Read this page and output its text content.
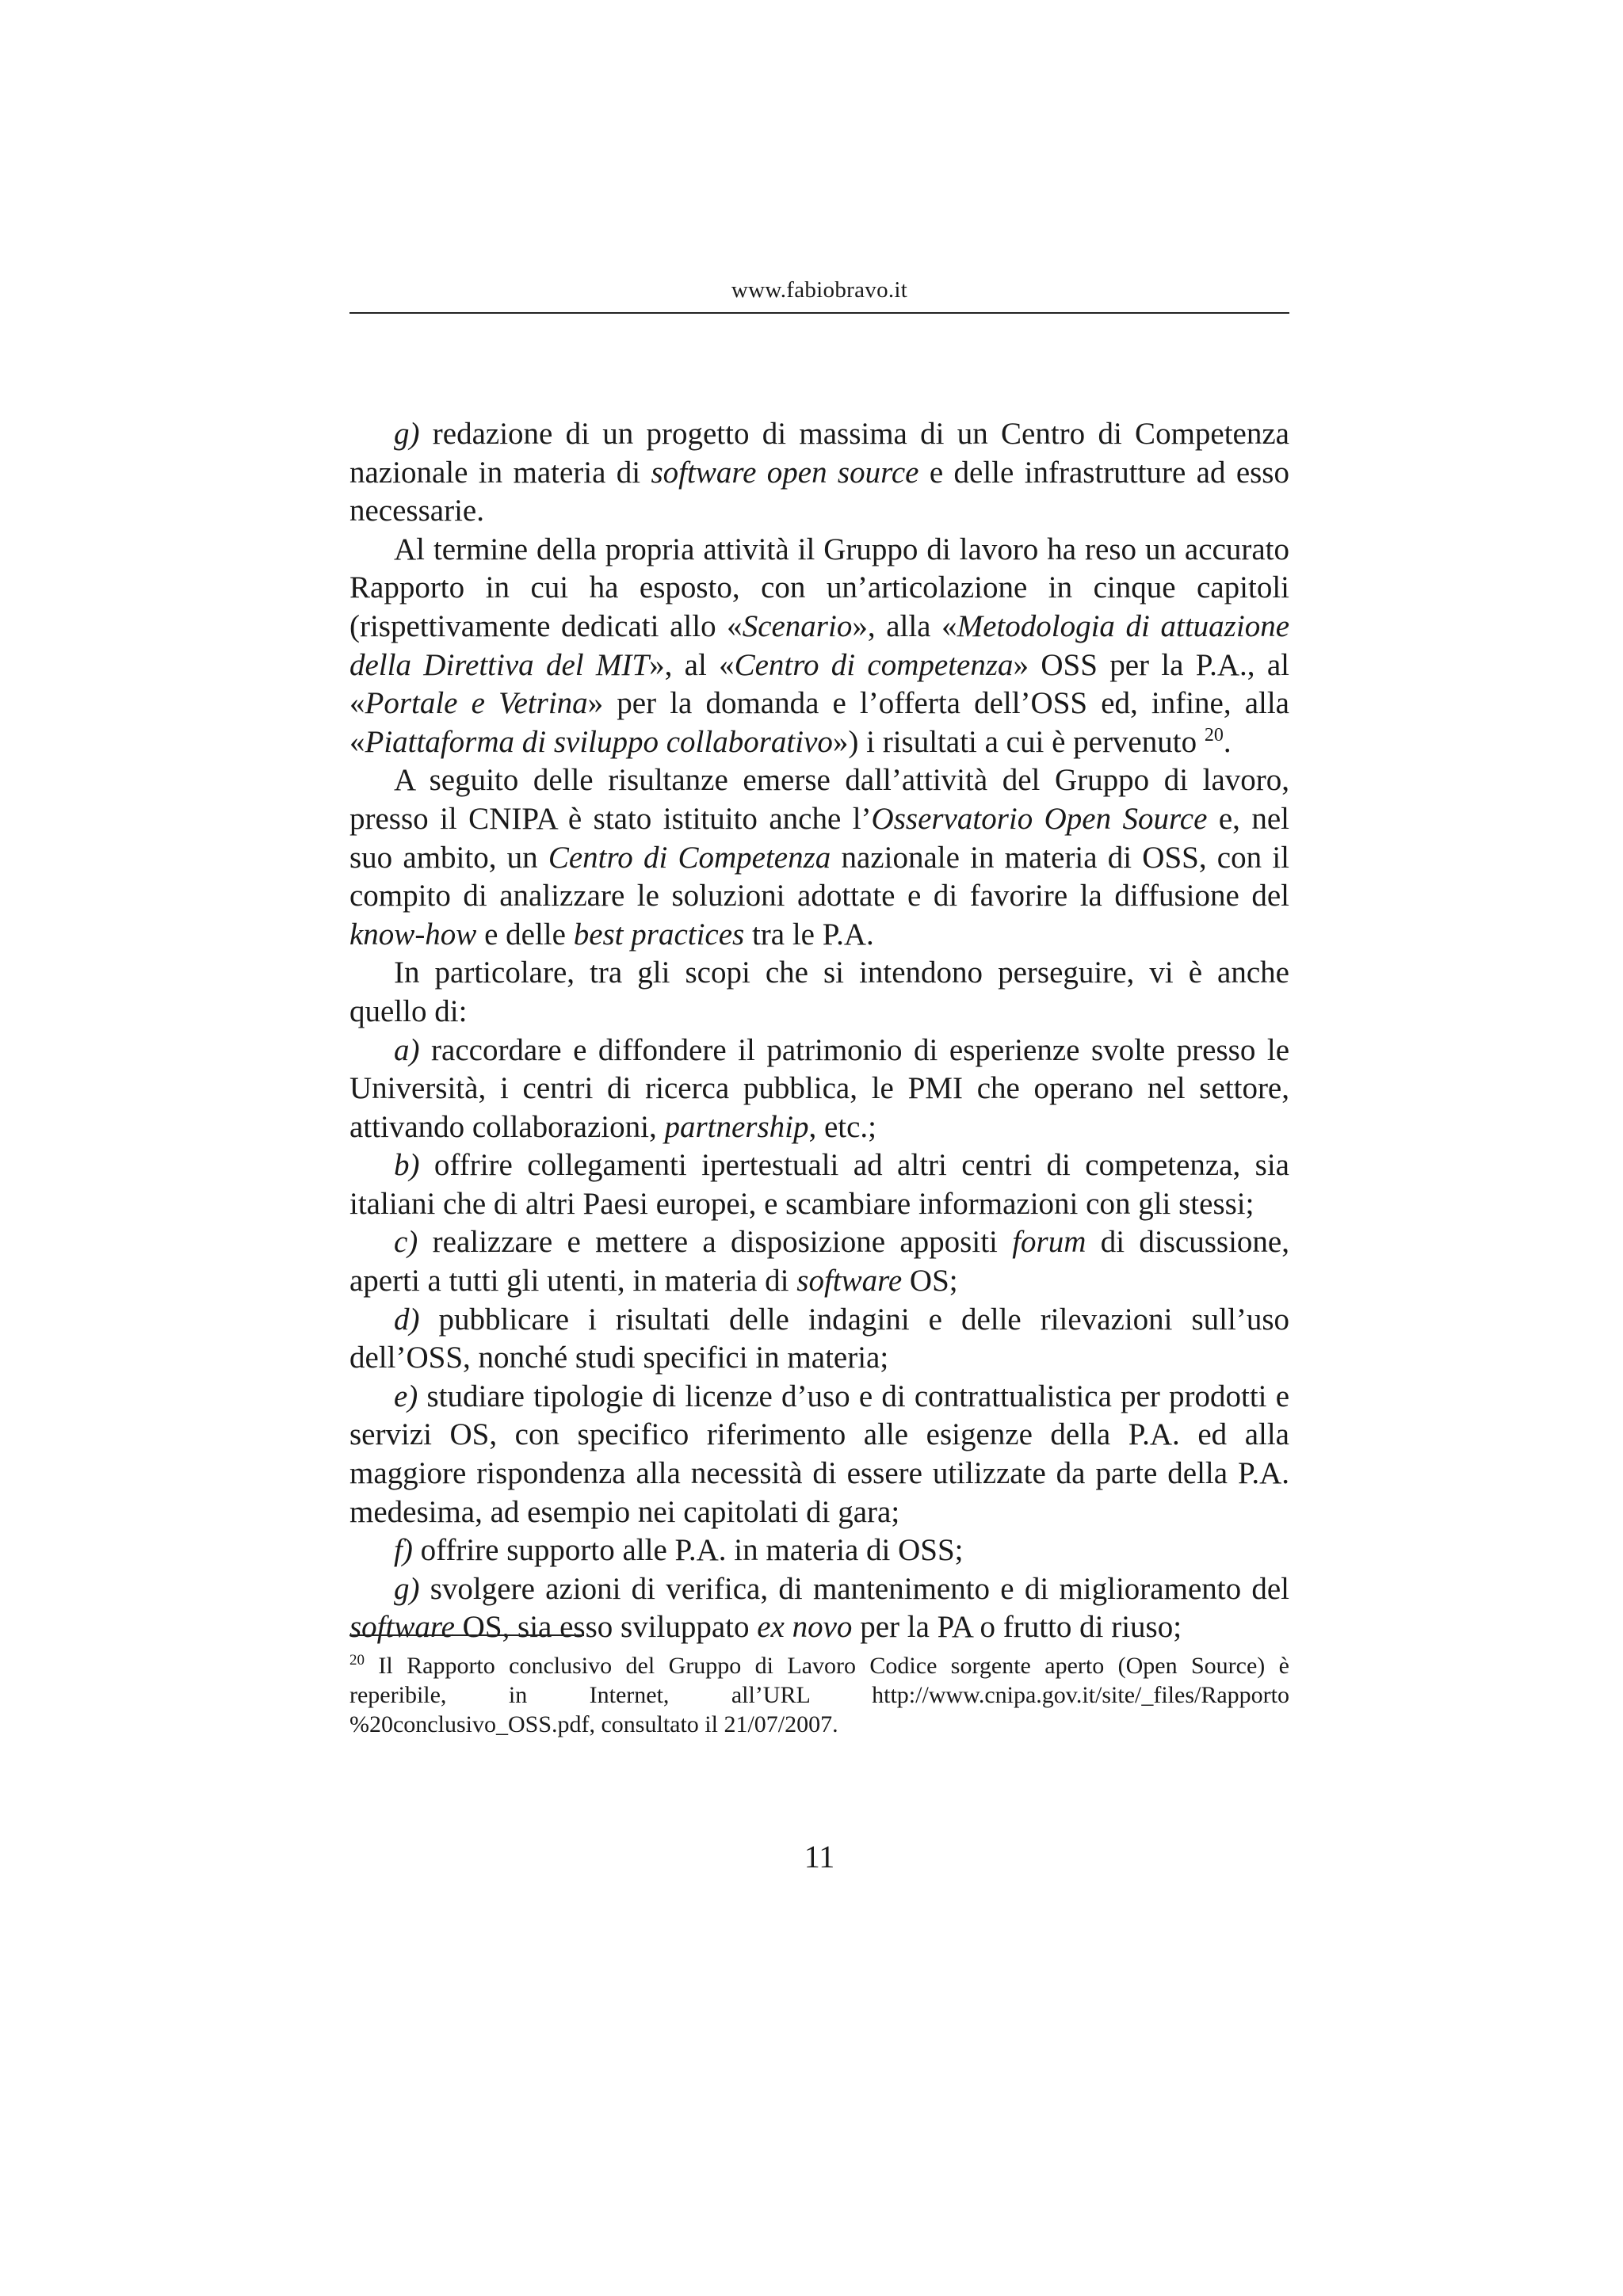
www.fabiobravo.it

g) redazione di un progetto di massima di un Centro di Competenza nazionale in materia di software open source e delle infrastrutture ad esso necessarie.

Al termine della propria attività il Gruppo di lavoro ha reso un accurato Rapporto in cui ha esposto, con un’articolazione in cinque capitoli (rispettivamente dedicati allo «Scenario», alla «Metodologia di attuazione della Direttiva del MIT», al «Centro di competenza» OSS per la P.A., al «Portale e Vetrina» per la domanda e l’offerta dell’OSS ed, infine, alla «Piattaforma di sviluppo collaborativo») i risultati a cui è pervenuto $^{20}$.

A seguito delle risultanze emerse dall’attività del Gruppo di lavoro, presso il CNIPA è stato istituito anche l’Osservatorio Open Source e, nel suo ambito, un Centro di Competenza nazionale in materia di OSS, con il compito di analizzare le soluzioni adottate e di favorire la diffusione del know-how e delle best practices tra le P.A.

In particolare, tra gli scopi che si intendono perseguire, vi è anche quello di:

a) raccordare e diffondere il patrimonio di esperienze svolte presso le Università, i centri di ricerca pubblica, le PMI che operano nel settore, attivando collaborazioni, partnership, etc.;

b) offrire collegamenti ipertestuali ad altri centri di competenza, sia italiani che di altri Paesi europei, e scambiare informazioni con gli stessi;

c) realizzare e mettere a disposizione appositi forum di discussione, aperti a tutti gli utenti, in materia di software OS;

d) pubblicare i risultati delle indagini e delle rilevazioni sull’uso dell’OSS, nonché studi specifici in materia;

e) studiare tipologie di licenze d’uso e di contrattualistica per prodotti e servizi OS, con specifico riferimento alle esigenze della P.A. ed alla maggiore rispondenza alla necessità di essere utilizzate da parte della P.A. medesima, ad esempio nei capitolati di gara;

f) offrire supporto alle P.A. in materia di OSS;

g) svolgere azioni di verifica, di mantenimento e di miglioramento del software OS, sia esso sviluppato ex novo per la PA o frutto di riuso;

$^{20}$ Il Rapporto conclusivo del Gruppo di Lavoro Codice sorgente aperto (Open Source) è reperibile, in Internet, all’URL http://www.cnipa.gov.it/site/_files/Rapporto %20conclusivo_OSS.pdf, consultato il 21/07/2007.

11
